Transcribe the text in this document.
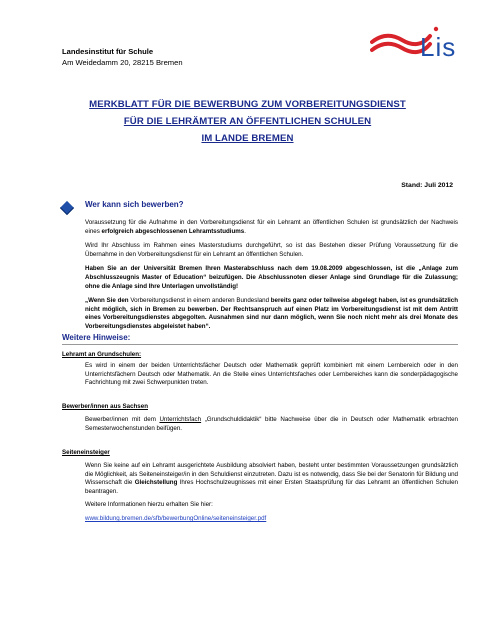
Landesinstitut für Schule
Am Weidedamm 20, 28215 Bremen
Lis
MERKBLATT FÜR DIE BEWERBUNG ZUM VORBEREITUNGSDIENST
FÜR DIE LEHRÄMTER AN ÖFFENTLICHEN SCHULEN
IM LANDE BREMEN
Stand: Juli 2012
Wer kann sich bewerben?

Voraussetzung für die Aufnahme in den Vorbereitungsdienst für ein Lehramt an öffentlichen Schulen ist grundsätzlich der Nachweis eines erfolgreich abgeschlossenen Lehramtsstudiums.

Wird Ihr Abschluss im Rahmen eines Masterstudiums durchgeführt, so ist das Bestehen dieser Prüfung Voraussetzung für die Übernahme in den Vorbereitungsdienst für ein Lehramt an öffentlichen Schulen.

Haben Sie an der Universität Bremen Ihren Masterabschluss nach dem 19.08.2009 abgeschlossen, ist die „Anlage zum Abschlusszeugnis Master of Education“ beizufügen. Die Abschlussnoten dieser Anlage sind Grundlage für die Zulassung; ohne die Anlage sind Ihre Unterlagen unvollständig!

„Wenn Sie den Vorbereitungsdienst in einem anderen Bundesland bereits ganz oder teilweise abgelegt haben, ist es grundsätzlich nicht möglich, sich in Bremen zu bewerben. Der Rechtsanspruch auf einen Platz im Vorbereitungsdienst ist mit dem Antritt eines Vorbereitungsdienstes abgegolten. Ausnahmen sind nur dann möglich, wenn Sie noch nicht mehr als drei Monate des Vorbereitungsdienstes abgeleistet haben“.

Weitere Hinweise:
Lehramt an Grundschulen:
Es wird in einem der beiden Unterrichtsfächer Deutsch oder Mathematik geprüft kombiniert mit einem Lernbereich oder in den Unterrichtsfächern Deutsch oder Mathematik. An die Stelle eines Unterrichtsfaches oder Lernbereiches kann die sonderpädagogische Fachrichtung mit zwei Schwerpunkten treten.
Bewerber/innen aus Sachsen
Bewerber/innen mit dem Unterrichtsfach „Grundschuldidaktik“ bitte Nachweise über die in Deutsch oder Mathematik erbrachten Semesterwochenstunden beifügen.
Seiteneinsteiger

Wenn Sie keine auf ein Lehramt ausgerichtete Ausbildung absolviert haben, besteht unter bestimmten Voraussetzungen grundsätzlich die Möglichkeit, als Seiteneinsteiger/in in den Schuldienst einzutreten. Dazu ist es notwendig, dass Sie bei der Senatorin für Bildung und Wissenschaft die Gleichstellung Ihres Hochschulzeugnisses mit einer Ersten Staatsprüfung für das Lehramt an öffentlichen Schulen beantragen.

Weitere Informationen hierzu erhalten Sie hier:

www.bildung.bremen.de/sfb/bewerbungOnline/seiteneinsteiger.pdf
